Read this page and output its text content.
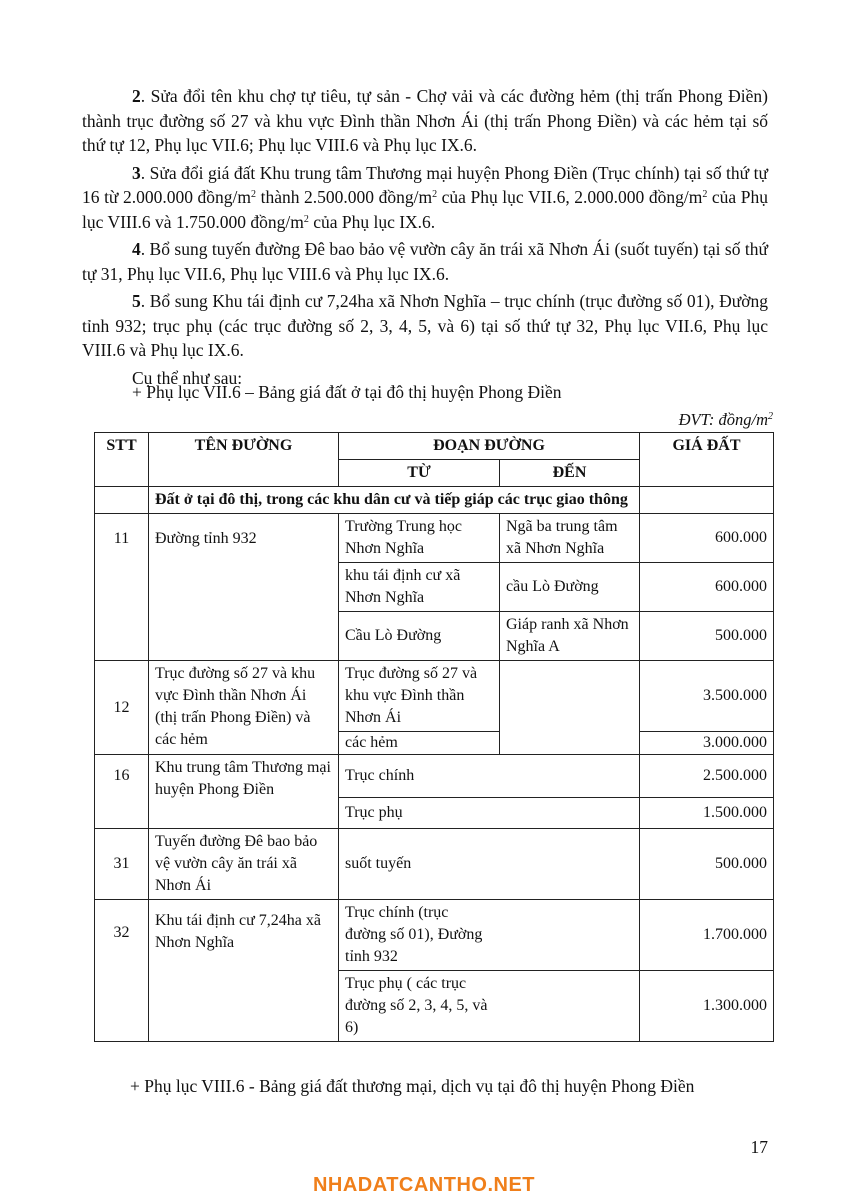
2. Sửa đổi tên khu chợ tự tiêu, tự sản - Chợ vải và các đường hẻm (thị trấn Phong Điền) thành trục đường số 27 và khu vực Đình thần Nhơn Ái (thị trấn Phong Điền) và các hẻm tại số thứ tự 12, Phụ lục VII.6; Phụ lục VIII.6 và Phụ lục IX.6.

3. Sửa đổi giá đất Khu trung tâm Thương mại huyện Phong Điền (Trục chính) tại số thứ tự 16 từ 2.000.000 đồng/$m^2$ thành 2.500.000 đồng/$m^2$ của Phụ lục VII.6, 2.000.000 đồng/$m^2$ của Phụ lục VIII.6 và 1.750.000 đồng/$m^2$ của Phụ lục IX.6.

4. Bổ sung tuyến đường Đê bao bảo vệ vườn cây ăn trái xã Nhơn Ái (suốt tuyến) tại số thứ tự 31, Phụ lục VII.6, Phụ lục VIII.6 và Phụ lục IX.6.

5. Bổ sung Khu tái định cư 7,24ha xã Nhơn Nghĩa – trục chính (trục đường số 01), Đường tỉnh 932; trục phụ (các trục đường số 2, 3, 4, 5, và 6) tại số thứ tự 32, Phụ lục VII.6, Phụ lục VIII.6 và Phụ lục IX.6.

Cụ thể như sau:

+ Phụ lục VII.6 – Bảng giá đất ở tại đô thị huyện Phong Điền
ĐVT: đồng/$m^2$
STT	TÊN ĐƯỜNG	ĐOẠN ĐƯỜNG		GIÁ ĐẤT
		TỪ	ĐẾN	
	Đất ở tại đô thị, trong các khu dân cư và tiếp giáp các trục giao thông			
11	Đường tỉnh 932	Trường Trung học Nhơn Nghĩa	Ngã ba trung tâm xã Nhơn Nghĩa	600.000
		khu tái định cư xã Nhơn Nghĩa	cầu Lò Đường	600.000
		Cầu Lò Đường	Giáp ranh xã Nhơn Nghĩa A	500.000
12	Trục đường số 27 và khu vực Đình thần Nhơn Ái (thị trấn Phong Điền) và các hẻm	Trục đường số 27 và khu vực Đình thần Nhơn Ái		3.500.000
		các hẻm		3.000.000
16	Khu trung tâm Thương mại huyện Phong Điền	Trục chính		2.500.000
		Trục phụ		1.500.000
31	Tuyến đường Đê bao bảo vệ vườn cây ăn trái xã Nhơn Ái	suốt tuyến		500.000
32	Khu tái định cư 7,24ha xã Nhơn Nghĩa	Trục chính (trục đường số 01), Đường tỉnh 932		1.700.000

		Trục phụ ( các trục đường số 2, 3, 4, 5, và 6)		1.300.000
+ Phụ lục VIII.6 - Bảng giá đất thương mại, dịch vụ tại đô thị huyện Phong Điền
17
NHADATCANTHO.NET
